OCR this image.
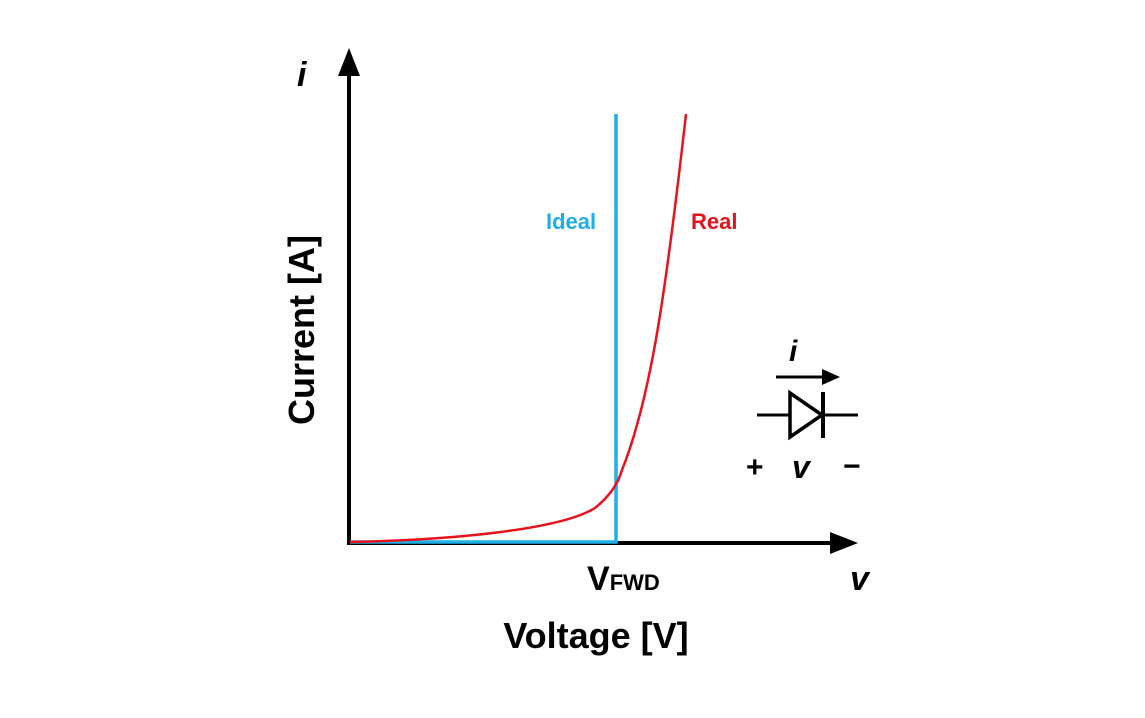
i
v
Current [A]
Voltage [V]
VFWD
Ideal	Real
i
+ v −
